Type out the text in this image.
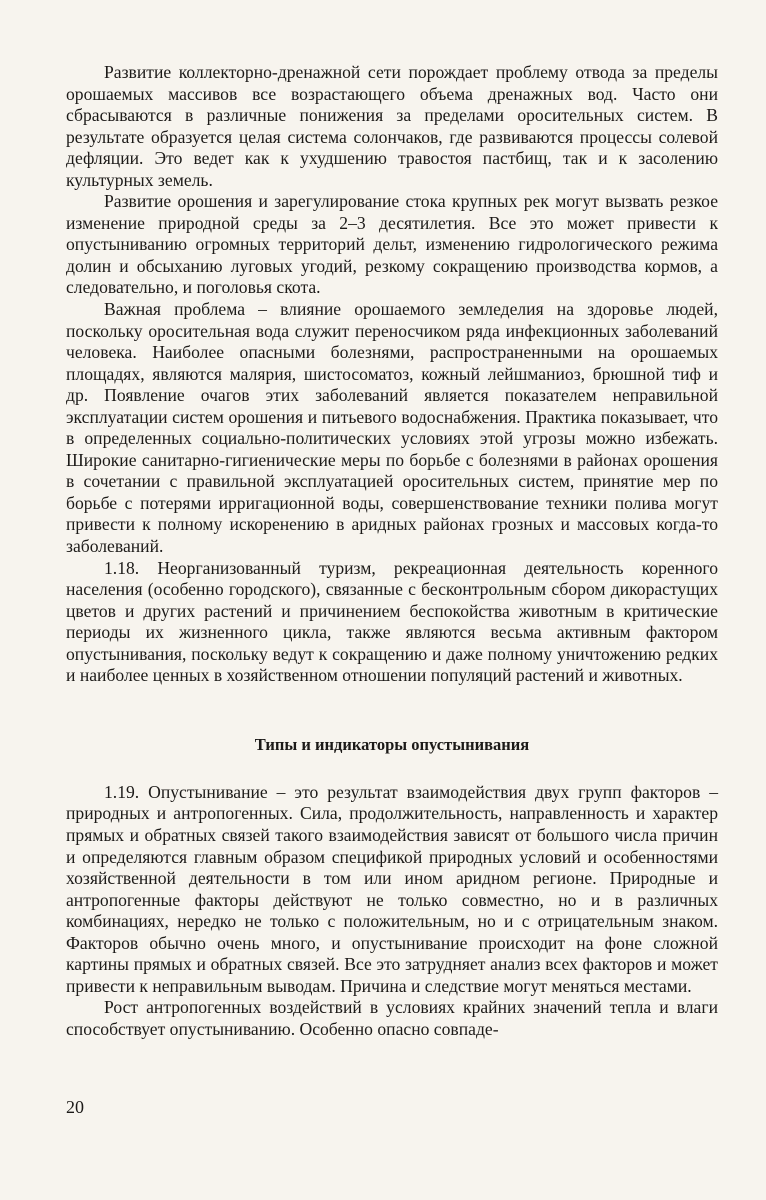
Развитие коллекторно-дренажной сети порождает проблему отвода за пределы орошаемых массивов все возрастающего объема дренажных вод. Часто они сбрасываются в различные понижения за пределами оросительных систем. В результате образуется целая система солончаков, где развиваются процессы солевой дефляции. Это ведет как к ухудшению травостоя пастбищ, так и к засолению культурных земель.

Развитие орошения и зарегулирование стока крупных рек могут вызвать резкое изменение природной среды за 2–3 десятилетия. Все это может привести к опустыниванию огромных территорий дельт, изменению гидрологического режима долин и обсыханию луговых угодий, резкому сокращению производства кормов, а следовательно, и поголовья скота.

Важная проблема – влияние орошаемого земледелия на здоровье людей, поскольку оросительная вода служит переносчиком ряда инфекционных заболеваний человека. Наиболее опасными болезнями, распространенными на орошаемых площадях, являются малярия, шистосоматоз, кожный лейшманиоз, брюшной тиф и др. Появление очагов этих заболеваний является показателем неправильной эксплуатации систем орошения и питьевого водоснабжения. Практика показывает, что в определенных социально-политических условиях этой угрозы можно избежать. Широкие санитарно-гигиенические меры по борьбе с болезнями в районах орошения в сочетании с правильной эксплуатацией оросительных систем, принятие мер по борьбе с потерями ирригационной воды, совершенствование техники полива могут привести к полному искоренению в аридных районах грозных и массовых когда-то заболеваний.

1.18. Неорганизованный туризм, рекреационная деятельность коренного населения (особенно городского), связанные с бесконтрольным сбором дикорастущих цветов и других растений и причинением беспокойства животным в критические периоды их жизненного цикла, также являются весьма активным фактором опустынивания, поскольку ведут к сокращению и даже полному уничтожению редких и наиболее ценных в хозяйственном отношении популяций растений и животных.

Типы и индикаторы опустынивания

1.19. Опустынивание – это результат взаимодействия двух групп факторов – природных и антропогенных. Сила, продолжительность, направленность и характер прямых и обратных связей такого взаимодействия зависят от большого числа причин и определяются главным образом спецификой природных условий и особенностями хозяйственной деятельности в том или ином аридном регионе. Природные и антропогенные факторы действуют не только совместно, но и в различных комбинациях, нередко не только с положительным, но и с отрицательным знаком. Факторов обычно очень много, и опустынивание происходит на фоне сложной картины прямых и обратных связей. Все это затрудняет анализ всех факторов и может привести к неправильным выводам. Причина и следствие могут меняться местами.

Рост антропогенных воздействий в условиях крайних значений тепла и влаги способствует опустыниванию. Особенно опасно совпаде-

20
